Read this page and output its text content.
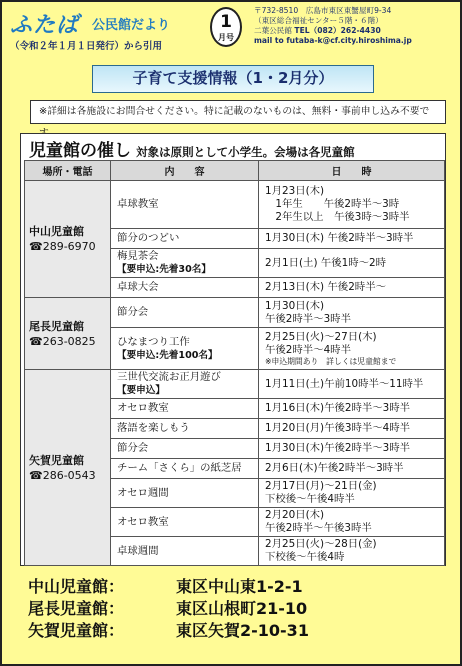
ふたば 公民館だより
（令和２年１月１日発行）から引用
1
月号
〒732-8510　広島市東区東蟹屋町9-34
（東区総合福祉センター５階・６階）
二葉公民館 TEL（082）262-4430
mail to futaba-k@cf.city.hiroshima.jp
子育て支援情報（1・2月分）
※詳細は各施設にお問合せください。特に記載のないものは、無料・事前申し込み不要で
児童館の催し 対象は原則として小学生。会場は各児童館
場所・電話	内　　容	日　　時

中山児童館
☎289-6970	卓球教室	1月23日(木)
　1年生　　午後2時半～3時
　2年生以上　午後3時～3時半

	節分のつどい	1月30日(木) 午後2時半～3時半

	梅見茶会
【要申込:先着30名】	2月1日(土) 午後1時～2時

	卓球大会	2月13日(木) 午後2時半～

尾長児童館
☎263-0825	節分会	1月30日(木)
午後2時半～3時半

	ひなまつり工作
【要申込:先着100名】	2月25日(火)～27日(木)
午後2時半～4時半
※申込期間あり　詳しくは児童館まで

矢賀児童館
☎286-0543	三世代交流お正月遊び
【要申込】	1月11日(土)午前10時半～11時半

	オセロ教室	1月16日(木)午後2時半～3時半

	落語を楽しもう	1月20日(月)午後3時半～4時半

	節分会	1月30日(木)午後2時半～3時半

	チーム「さくら」の紙芝居	2月6日(木)午後2時半～3時半

	オセロ週間	2月17日(月)～21日(金)
下校後～午後4時半

	オセロ教室	2月20日(木)
午後2時半～午後3時半

	卓球週間	2月25日(火)～28日(金)
下校後～午後4時
中山児童館：	東区中山東1-2-1
尾長児童館：	東区山根町21-10
矢賀児童館：	東区矢賀2-10-31
